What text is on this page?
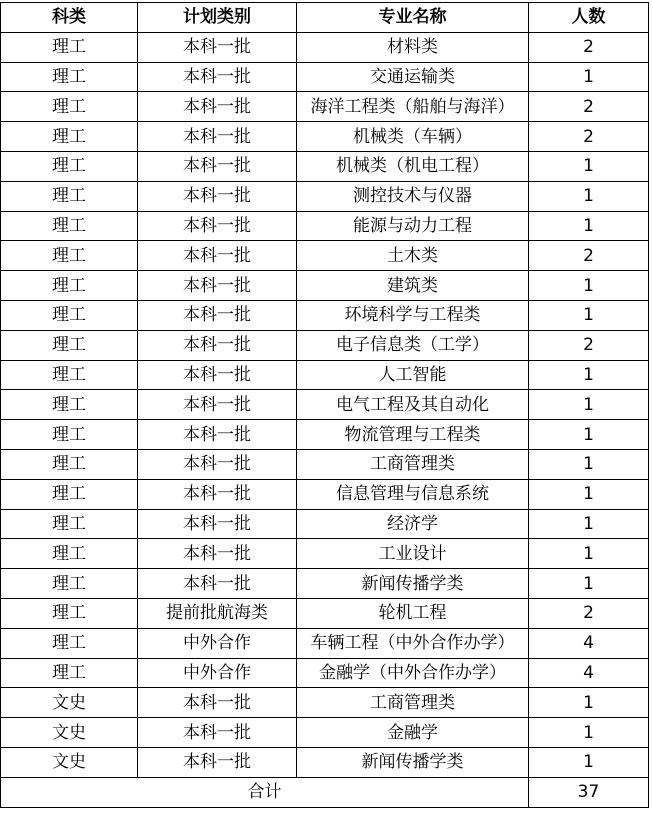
科类	计划类别	专业名称	人数
理工	本科一批	材料类	2
理工	本科一批	交通运输类	1
理工	本科一批	海洋工程类（船舶与海洋）	2
理工	本科一批	机械类（车辆）	2
理工	本科一批	机械类（机电工程）	1
理工	本科一批	测控技术与仪器	1
理工	本科一批	能源与动力工程	1
理工	本科一批	土木类	2
理工	本科一批	建筑类	1
理工	本科一批	环境科学与工程类	1
理工	本科一批	电子信息类（工学）	2
理工	本科一批	人工智能	1
理工	本科一批	电气工程及其自动化	1
理工	本科一批	物流管理与工程类	1
理工	本科一批	工商管理类	1
理工	本科一批	信息管理与信息系统	1
理工	本科一批	经济学	1
理工	本科一批	工业设计	1
理工	本科一批	新闻传播学类	1
理工	提前批航海类	轮机工程	2
理工	中外合作	车辆工程（中外合作办学）	4
理工	中外合作	金融学（中外合作办学）	4
文史	本科一批	工商管理类	1
文史	本科一批	金融学	1
文史	本科一批	新闻传播学类	1
合计			37
